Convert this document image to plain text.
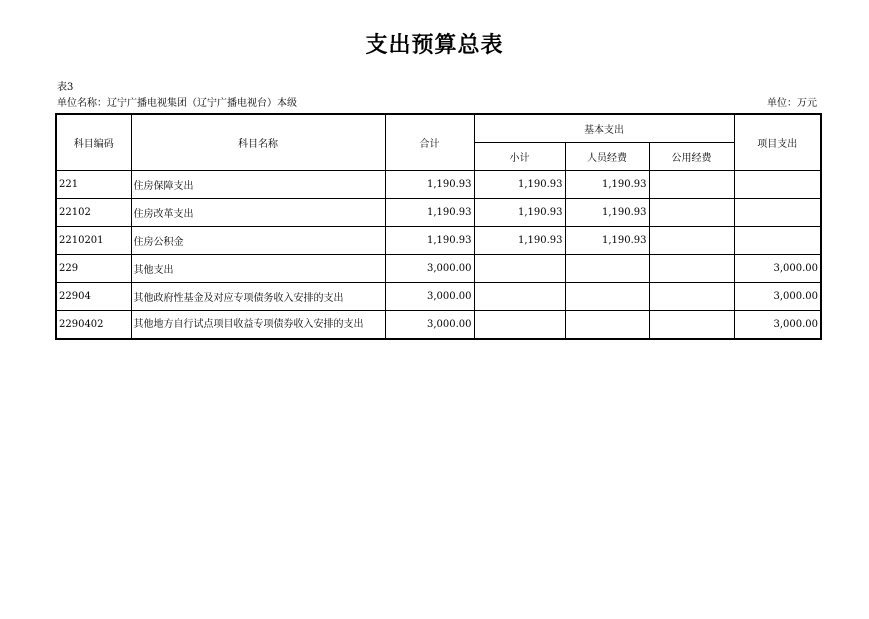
支出预算总表
表3
单位名称：辽宁广播电视集团（辽宁广播电视台）本级	单位：万元
科目编码	科目名称	合计	基本支出			项目支出
			小计	人员经费	公用经费	
221	住房保障支出	1,190.93	1,190.93	1,190.93		
22102	住房改革支出	1,190.93	1,190.93	1,190.93		
2210201	住房公积金	1,190.93	1,190.93	1,190.93		
229	其他支出	3,000.00				3,000.00
22904	其他政府性基金及对应专项债务收入安排的支出	3,000.00				3,000.00
2290402	其他地方自行试点项目收益专项债券收入安排的支出	3,000.00				3,000.00
